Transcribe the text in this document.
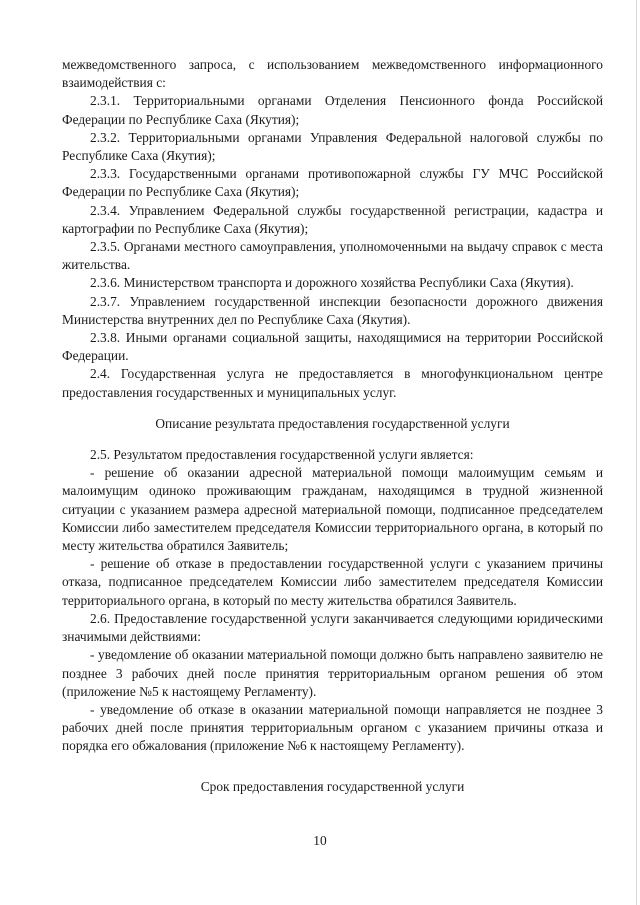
межведомственного запроса, с использованием межведомственного информационного взаимодействия с:

2.3.1. Территориальными органами Отделения Пенсионного фонда Российской Федерации по Республике Саха (Якутия);

2.3.2. Территориальными органами Управления Федеральной налоговой службы по Республике Саха (Якутия);

2.3.3. Государственными органами противопожарной службы ГУ МЧС Российской Федерации по Республике Саха (Якутия);

2.3.4. Управлением Федеральной службы государственной регистрации, кадастра и картографии по Республике Саха (Якутия);

2.3.5. Органами местного самоуправления, уполномоченными на выдачу справок с места жительства.

2.3.6. Министерством транспорта и дорожного хозяйства Республики Саха (Якутия).

2.3.7. Управлением государственной инспекции безопасности дорожного движения Министерства внутренних дел по Республике Саха (Якутия).

2.3.8. Иными органами социальной защиты, находящимися на территории Российской Федерации.

2.4. Государственная услуга не предоставляется в многофункциональном центре предоставления государственных и муниципальных услуг.

Описание результата предоставления государственной услуги

2.5. Результатом предоставления государственной услуги является:

- решение об оказании адресной материальной помощи малоимущим семьям и малоимущим одиноко проживающим гражданам, находящимся в трудной жизненной ситуации с указанием размера адресной материальной помощи, подписанное председателем Комиссии либо заместителем председателя Комиссии территориального органа, в который по месту жительства обратился Заявитель;

- решение об отказе в предоставлении государственной услуги с указанием причины отказа, подписанное председателем Комиссии либо заместителем председателя Комиссии территориального органа, в который по месту жительства обратился Заявитель.

2.6. Предоставление государственной услуги заканчивается следующими юридическими значимыми действиями:

- уведомление об оказании материальной помощи должно быть направлено заявителю не позднее 3 рабочих дней после принятия территориальным органом решения об этом (приложение №5 к настоящему Регламенту).

- уведомление об отказе в оказании материальной помощи направляется не позднее 3 рабочих дней после принятия территориальным органом с указанием причины отказа и порядка его обжалования (приложение №6 к настоящему Регламенту).

Срок предоставления государственной услуги

10
